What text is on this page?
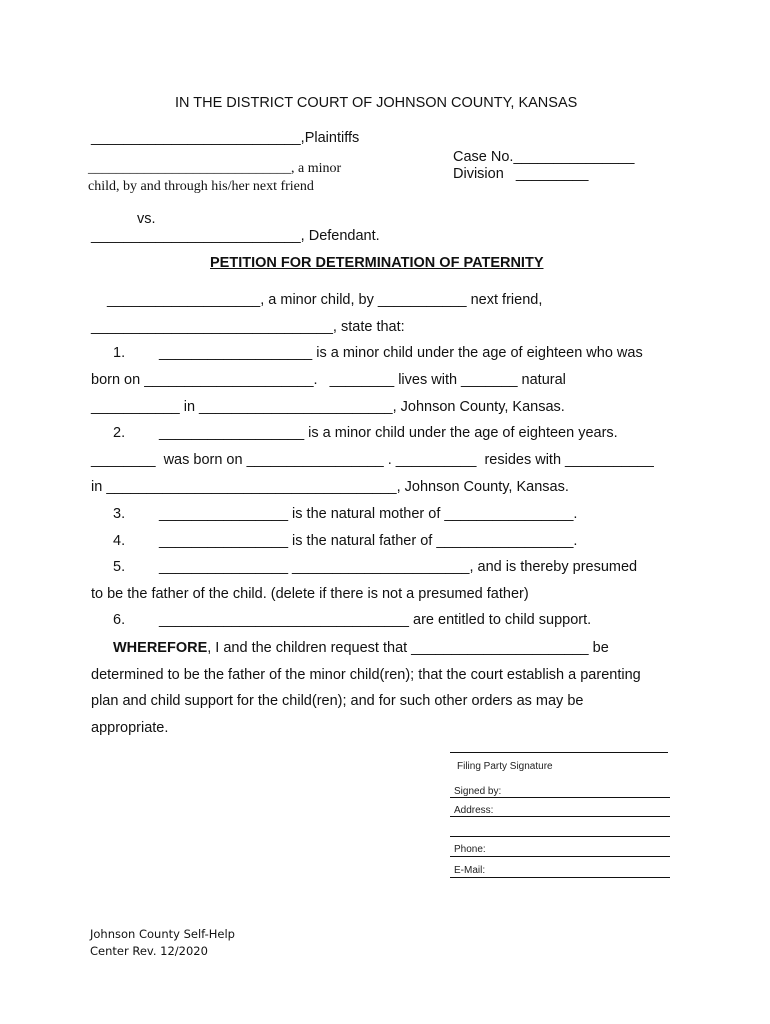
IN THE DISTRICT COURT OF JOHNSON COUNTY, KANSAS
__________________________,Plaintiffs
_____________________________, a minor
child, by and through his/her next friend
Case No._______________
Division   _________
vs.
__________________________, Defendant.
PETITION FOR DETERMINATION OF PATERNITY
___________________, a minor child, by ___________ next friend,
______________________________, state that:
1. ___________________ is a minor child under the age of eighteen who was
born on _____________________.   ________ lives with _______ natural
___________ in ________________________, Johnson County, Kansas.
2. __________________ is a minor child under the age of eighteen years.
________  was born on _________________ . __________  resides with ___________
in ____________________________________, Johnson County, Kansas.
3. ________________ is the natural mother of ________________.
4. ________________ is the natural father of _________________.
5. ________________ ______________________, and is thereby presumed
to be the father of the child. (delete if there is not a presumed father)
6. _______________________________ are entitled to child support.
WHEREFORE, I and the children request that ______________________ be
determined to be the father of the minor child(ren); that the court establish a parenting
plan and child support for the child(ren); and for such other orders as may be
appropriate.
Filing Party Signature
Signed by:
Address:
Phone:
E-Mail:
Johnson County Self-Help
Center Rev. 12/2020
